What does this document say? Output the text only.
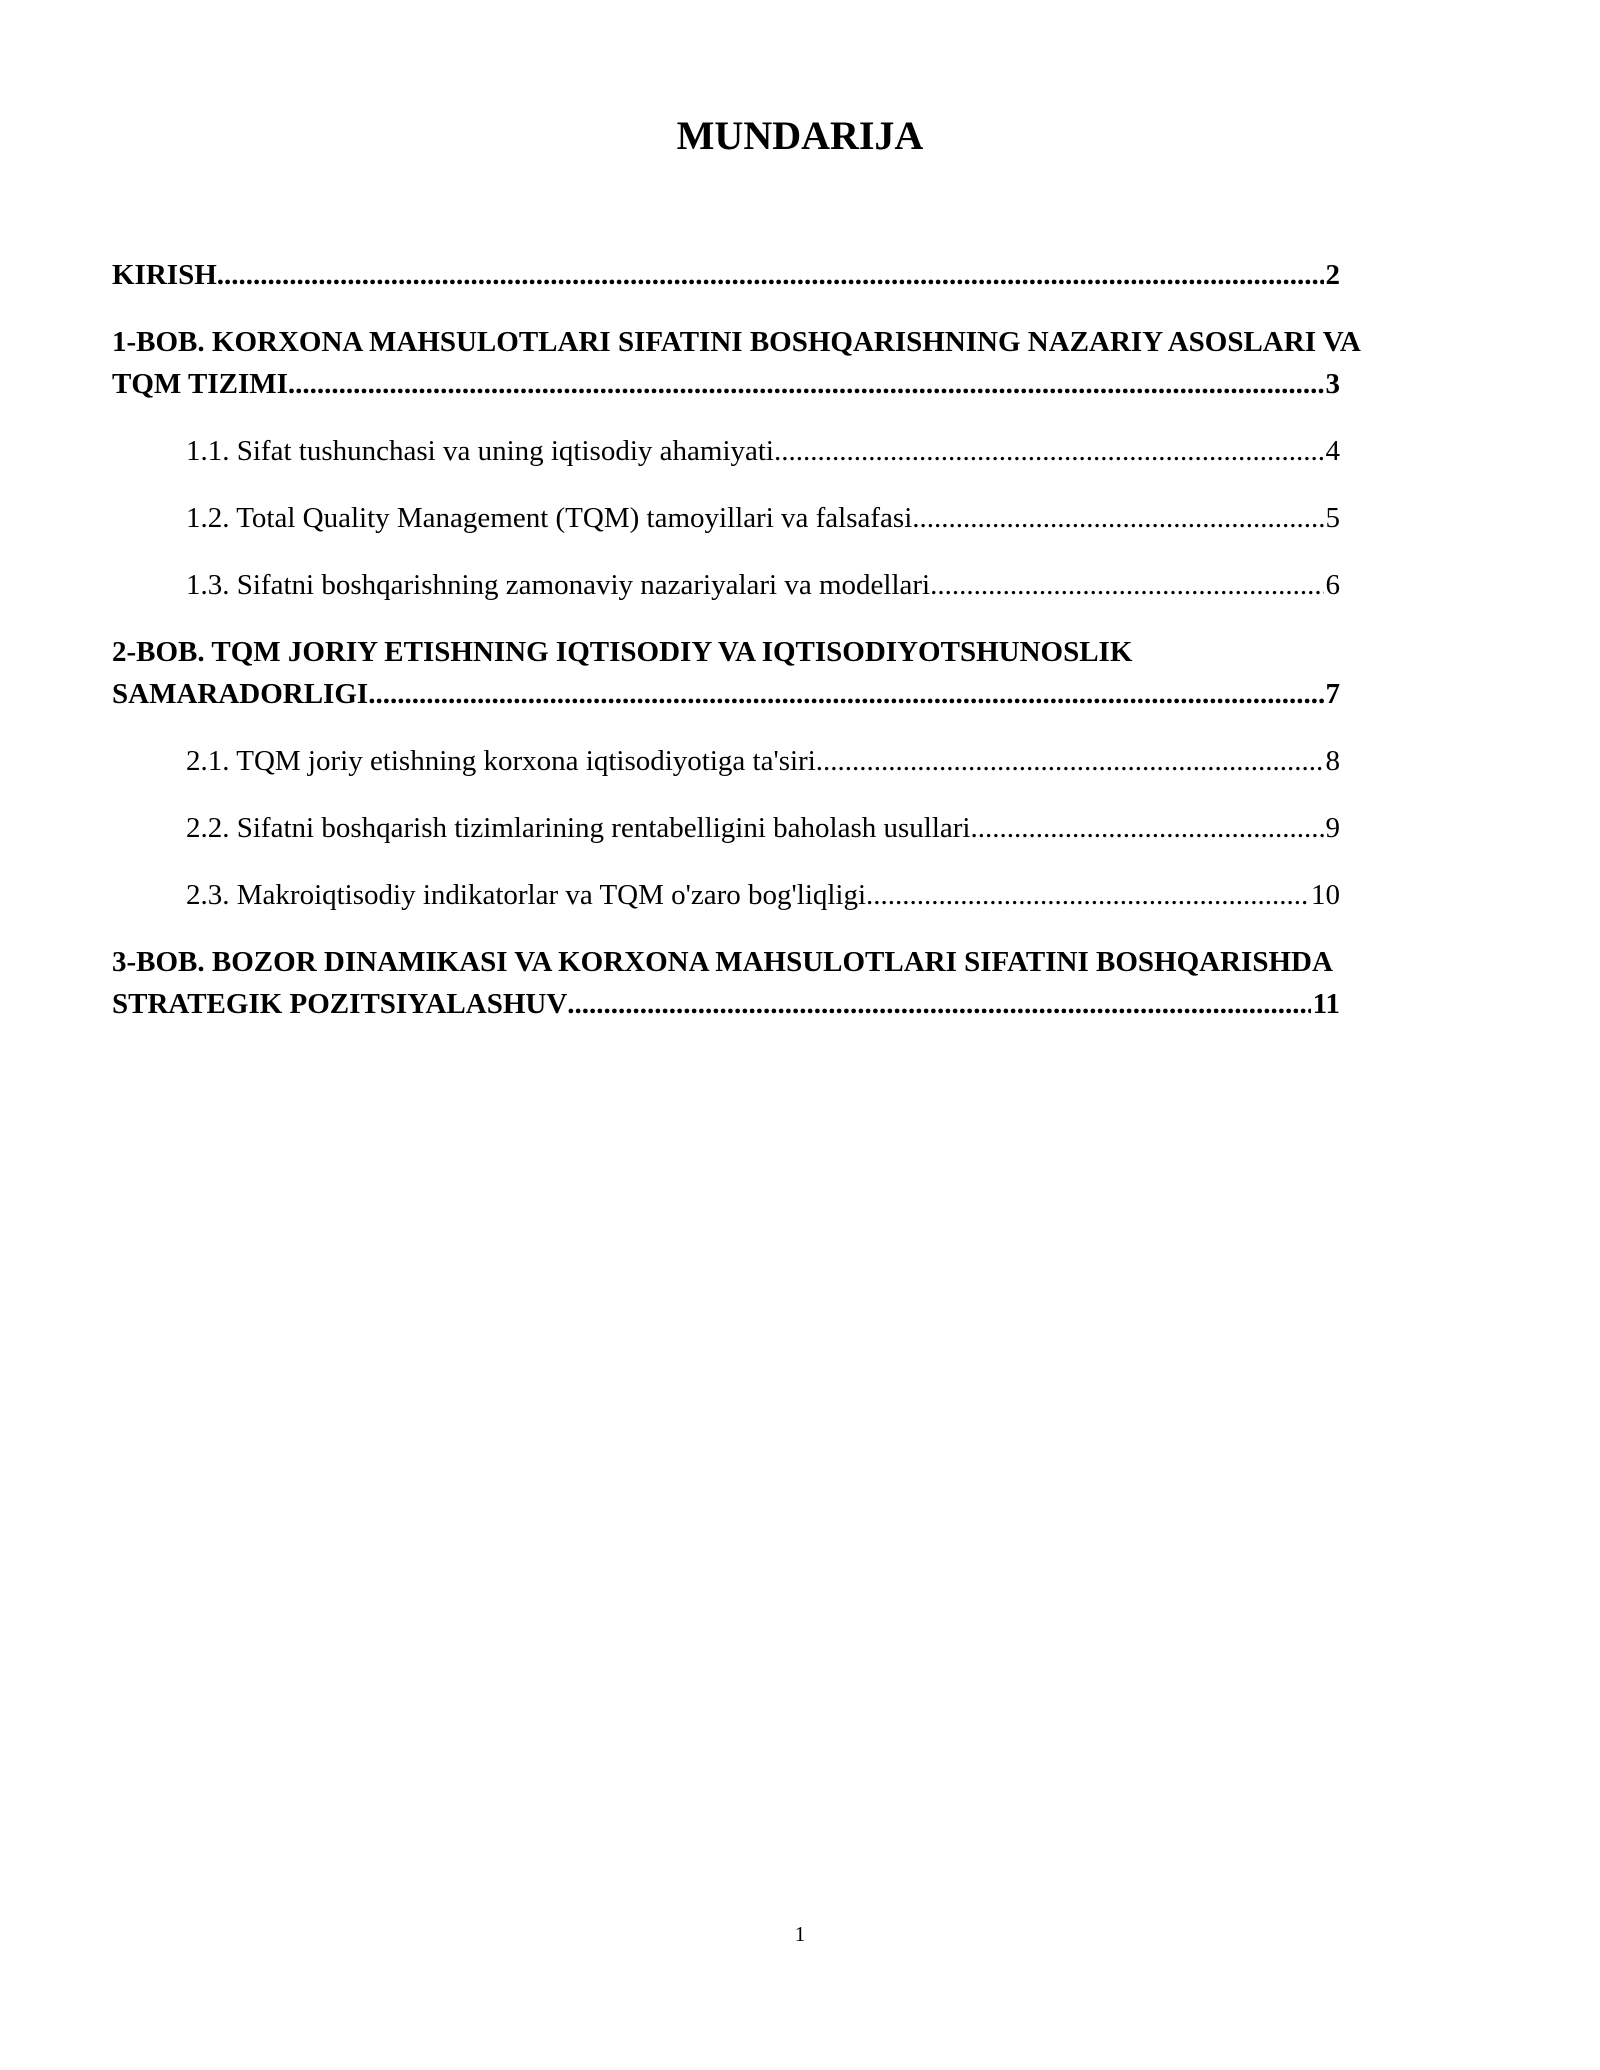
MUNDARIJA
KIRISH .....	2
1-BOB. KORXONA MAHSULOTLARI SIFATINI BOSHQARISHNING NAZARIY ASOSLARI VA
TQM TIZIMI .....	3
1.1. Sifat tushunchasi va uning iqtisodiy ahamiyati .....	4
1.2. Total Quality Management (TQM) tamoyillari va falsafasi .....	5
1.3. Sifatni boshqarishning zamonaviy nazariyalari va modellari .....	6
2-BOB. TQM JORIY ETISHNING IQTISODIY VA IQTISODIYOTSHUNOSLIK
SAMARADORLIGI .....	7
2.1. TQM joriy etishning korxona iqtisodiyotiga ta'siri .....	8
2.2. Sifatni boshqarish tizimlarining rentabelligini baholash usullari .....	9
2.3. Makroiqtisodiy indikatorlar va TQM o'zaro bog'liqligi .....	10
3-BOB. BOZOR DINAMIKASI VA KORXONA MAHSULOTLARI SIFATINI BOSHQARISHDA
STRATEGIK POZITSIYALASHUV .....	11
1
